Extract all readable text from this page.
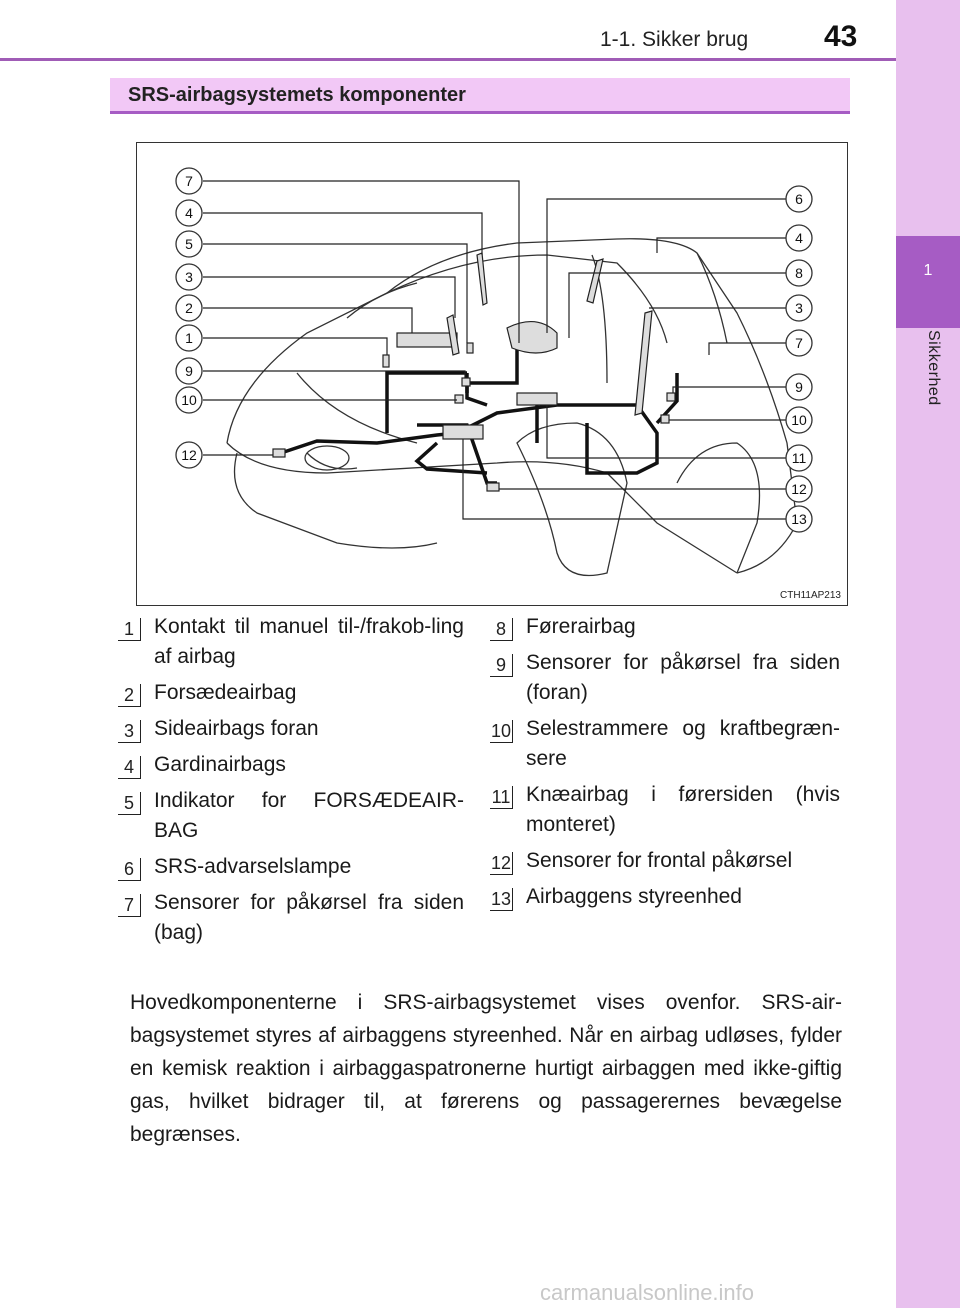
1-1. Sikker brug	43
1
Sikkerhed
SRS-airbagsystemets komponenter
7
4
5
3
2
1
9
10
12
6
4
8
3
7
9
10
11
12
13
CTH11AP213
1 Kontakt til manuel til-/frakob-ling af airbag
2 Forsædeairbag
3 Sideairbags foran
4 Gardinairbags
5 Indikator for FORSÆDEAIR-BAG
6 SRS-advarselslampe
7 Sensorer for påkørsel fra siden (bag)
8 Førerairbag
9 Sensorer for påkørsel fra siden (foran)
10 Selestrammere og kraftbegræn-sere
11 Knæairbag i førersiden (hvis monteret)
12 Sensorer for frontal påkørsel
13 Airbaggens styreenhed
Hovedkomponenterne i SRS-airbagsystemet vises ovenfor. SRS-air-bagsystemet styres af airbaggens styreenhed. Når en airbag udløses, fylder en kemisk reaktion i airbaggaspatronerne hurtigt airbaggen med ikke-giftig gas, hvilket bidrager til, at førerens og passagerernes bevægelse begrænses.
carmanualsonline.info
